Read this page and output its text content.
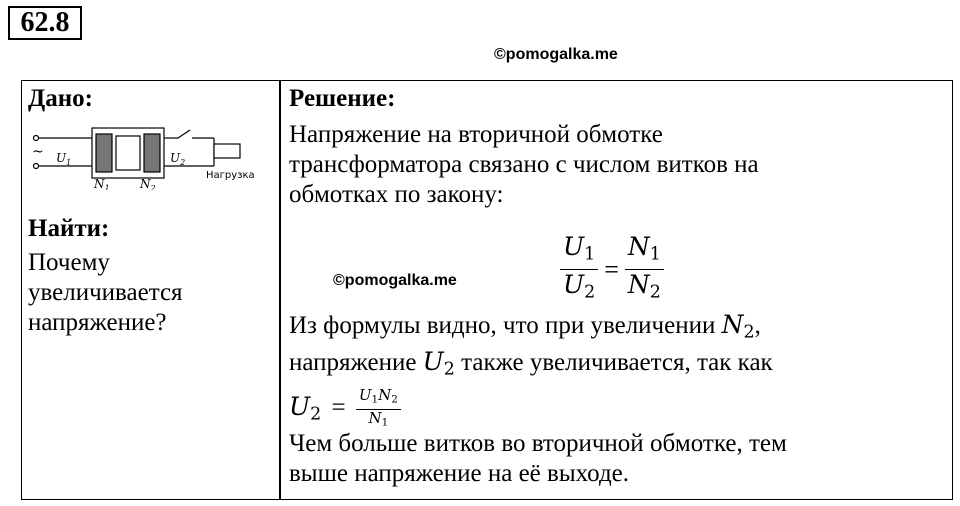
62.8
©pomogalka.me
Дано:
Найти:
Почему
увеличивается
напряжение?
~ $U_1$	$U_2$
$N_1$	$N_2$
Нагрузка
Решение:
Напряжение на вторичной обмотке
трансформатора связано с числом витков на
обмотках по закону:
©pomogalka.me	$\frac{U_1}{U_2} = \frac{N_1}{N_2}$
Из формулы видно, что при увеличении $N_2$,
напряжение $U_2$ также увеличивается, так как
$U_2 = \frac{U_1N_2}{N_1}$
Чем больше витков во вторичной обмотке, тем
выше напряжение на её выходе.
